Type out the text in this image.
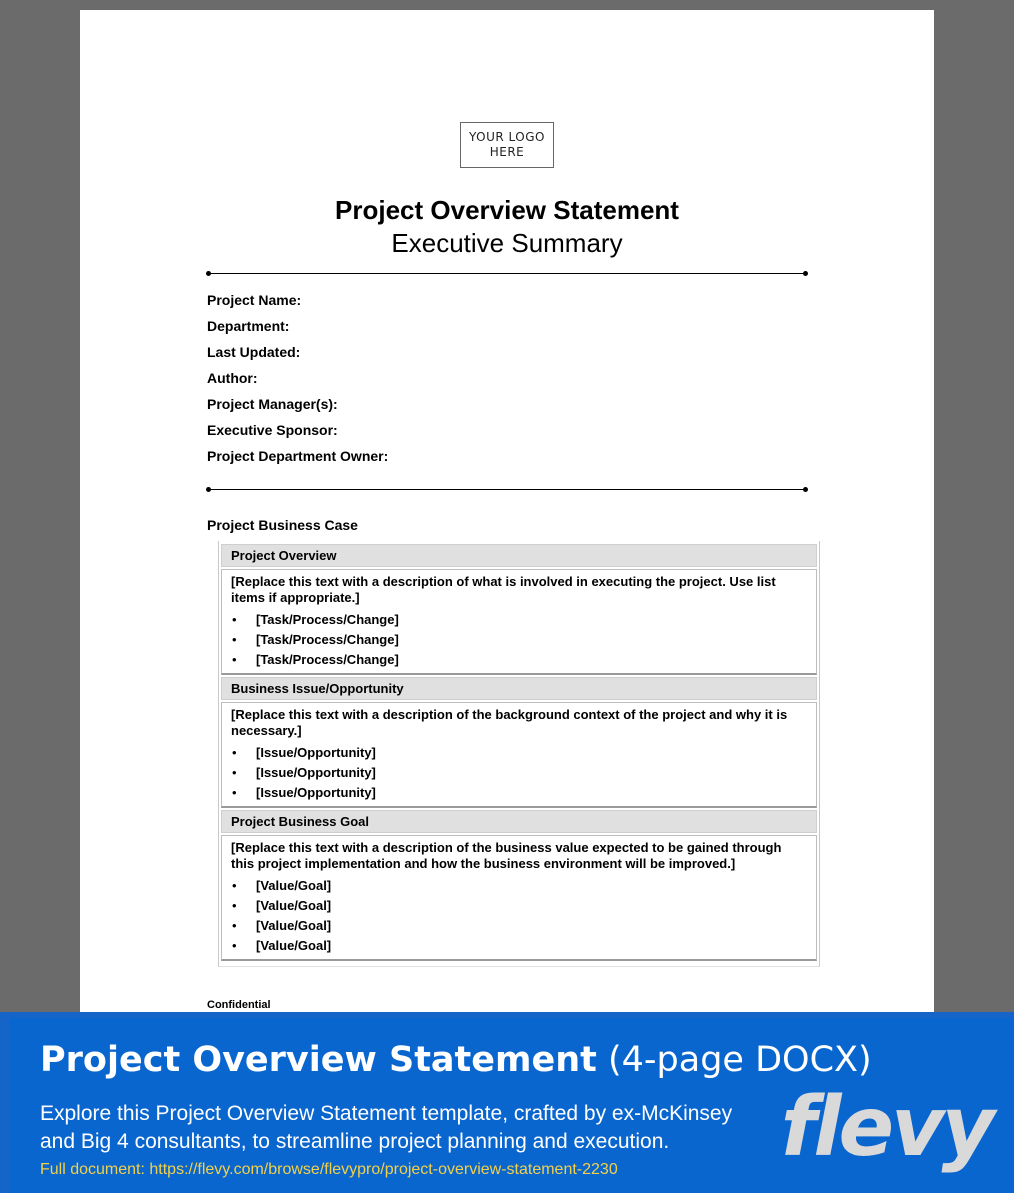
YOUR LOGO HERE
Project Overview Statement
Executive Summary
Project Name:
Department:
Last Updated:
Author:
Project Manager(s):
Executive Sponsor:
Project Department Owner:
Project Business Case
Project Overview
[Replace this text with a description of what is involved in executing the project. Use list items if appropriate.]
• [Task/Process/Change]
• [Task/Process/Change]
• [Task/Process/Change]
Business Issue/Opportunity
[Replace this text with a description of the background context of the project and why it is necessary.]
• [Issue/Opportunity]
• [Issue/Opportunity]
• [Issue/Opportunity]
Project Business Goal
[Replace this text with a description of the business value expected to be gained through this project implementation and how the business environment will be improved.]
• [Value/Goal]
• [Value/Goal]
• [Value/Goal]
• [Value/Goal]
Confidential
Project Overview Statement (4-page DOCX)
Explore this Project Overview Statement template, crafted by ex-McKinsey
and Big 4 consultants, to streamline project planning and execution.
Full document: https://flevy.com/browse/flevypro/project-overview-statement-2230 flevy
